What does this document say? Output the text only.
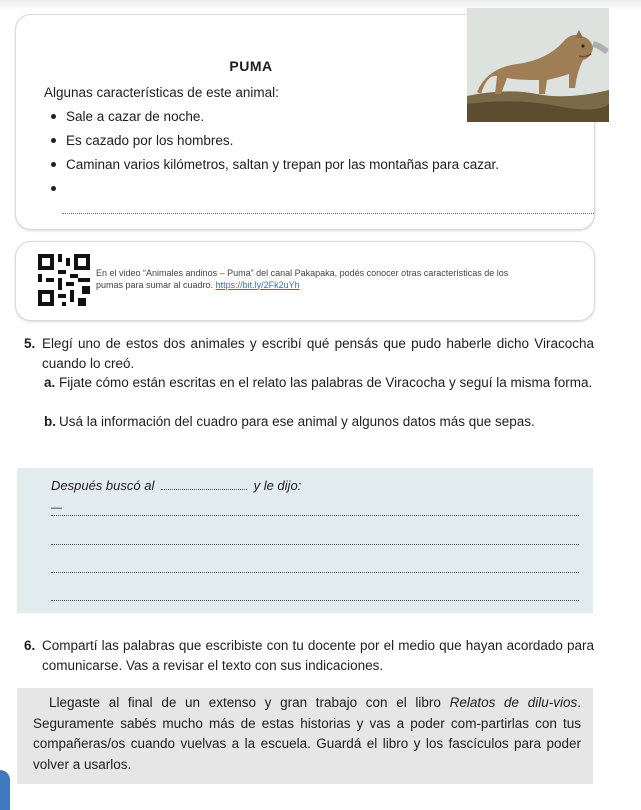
PUMA
Algunas características de este animal:
Sale a cazar de noche.
Es cazado por los hombres.
Caminan varios kilómetros, saltan y trepan por las montañas para cazar.
En el video “Animales andinos – Puma” del canal Pakapaka, podés conocer otras características de los pumas para sumar al cuadro. https://bit.ly/2Fk2uYh
5. Elegí uno de estos dos animales y escribí qué pensás que pudo haberle dicho Viracocha cuando lo creó.
a. Fijate cómo están escritas en el relato las palabras de Viracocha y seguí la misma forma.
b. Usá la información del cuadro para ese animal y algunos datos más que sepas.
Después buscó al	y le dijo:
—
6. Compartí las palabras que escribiste con tu docente por el medio que hayan acordado para comunicarse. Vas a revisar el texto con sus indicaciones.

Llegaste al final de un extenso y gran trabajo con el libro Relatos de dilu-vios. Seguramente sabés mucho más de estas historias y vas a poder com-partirlas con tus compañeras/os cuando vuelvas a la escuela. Guardá el libro y los fascículos para poder volver a usarlos.
